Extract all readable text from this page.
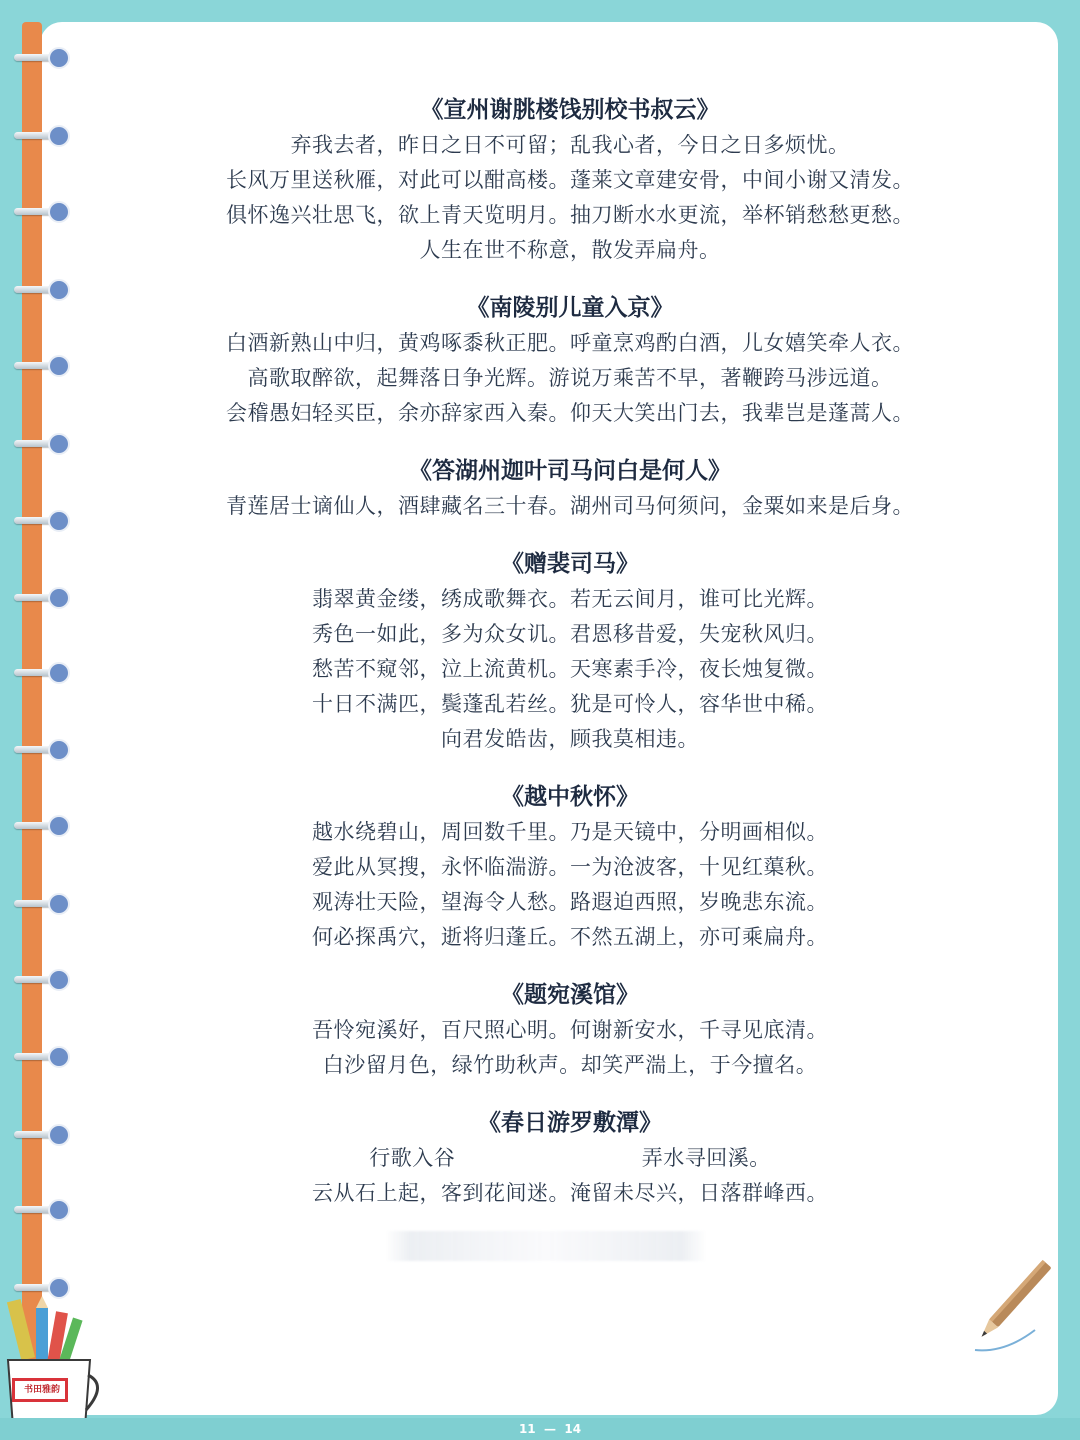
《宣州谢朓楼饯别校书叔云》
弃我去者，昨日之日不可留；乱我心者，今日之日多烦忧。
长风万里送秋雁，对此可以酣高楼。蓬莱文章建安骨，中间小谢又清发。
俱怀逸兴壮思飞，欲上青天览明月。抽刀断水水更流，举杯销愁愁更愁。
人生在世不称意，散发弄扁舟。
《南陵别儿童入京》
白酒新熟山中归，黄鸡啄黍秋正肥。呼童烹鸡酌白酒，儿女嬉笑牵人衣。
高歌取醉欲，起舞落日争光辉。游说万乘苦不早，著鞭跨马涉远道。
会稽愚妇轻买臣，余亦辞家西入秦。仰天大笑出门去，我辈岂是蓬蒿人。
《答湖州迦叶司马问白是何人》
青莲居士谪仙人，酒肆藏名三十春。湖州司马何须问，金粟如来是后身。
《赠裴司马》
翡翠黄金缕，绣成歌舞衣。若无云间月，谁可比光辉。
秀色一如此，多为众女讥。君恩移昔爱，失宠秋风归。
愁苦不窥邻，泣上流黄机。天寒素手冷，夜长烛复微。
十日不满匹，鬓蓬乱若丝。犹是可怜人，容华世中稀。
向君发皓齿，顾我莫相违。
《越中秋怀》
越水绕碧山，周回数千里。乃是天镜中，分明画相似。
爱此从冥搜，永怀临湍游。一为沧波客，十见红蕖秋。
观涛壮天险，望海令人愁。路遐迫西照，岁晚悲东流。
何必探禹穴，逝将归蓬丘。不然五湖上，亦可乘扁舟。
《题宛溪馆》
吾怜宛溪好，百尺照心明。何谢新安水，千寻见底清。
白沙留月色，绿竹助秋声。却笑严湍上，于今擅名。
《春日游罗敷潭》
行歌入谷                          弄水寻回溪。
云从石上起，客到花间迷。淹留未尽兴，日落群峰西。
书田雅韵
11  —  14
